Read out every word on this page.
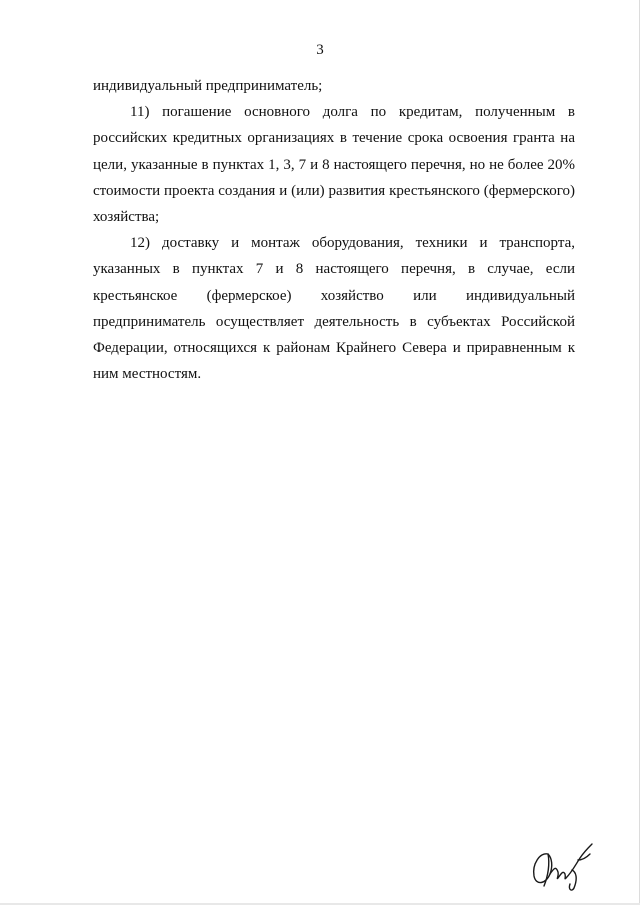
3

индивидуальный предприниматель;

11) погашение основного долга по кредитам, полученным в российских кредитных организациях в течение срока освоения гранта на цели, указанные в пунктах 1, 3, 7 и 8 настоящего перечня, но не более 20% стоимости проекта создания и (или) развития крестьянского (фермерского) хозяйства;

12) доставку и монтаж оборудования, техники и транспорта, указанных в пунктах 7 и 8 настоящего перечня, в случае, если крестьянское (фермерское) хозяйство или индивидуальный предприниматель осуществляет деятельность в субъектах Российской Федерации, относящихся к районам Крайнего Севера и приравненным к ним местностям.
